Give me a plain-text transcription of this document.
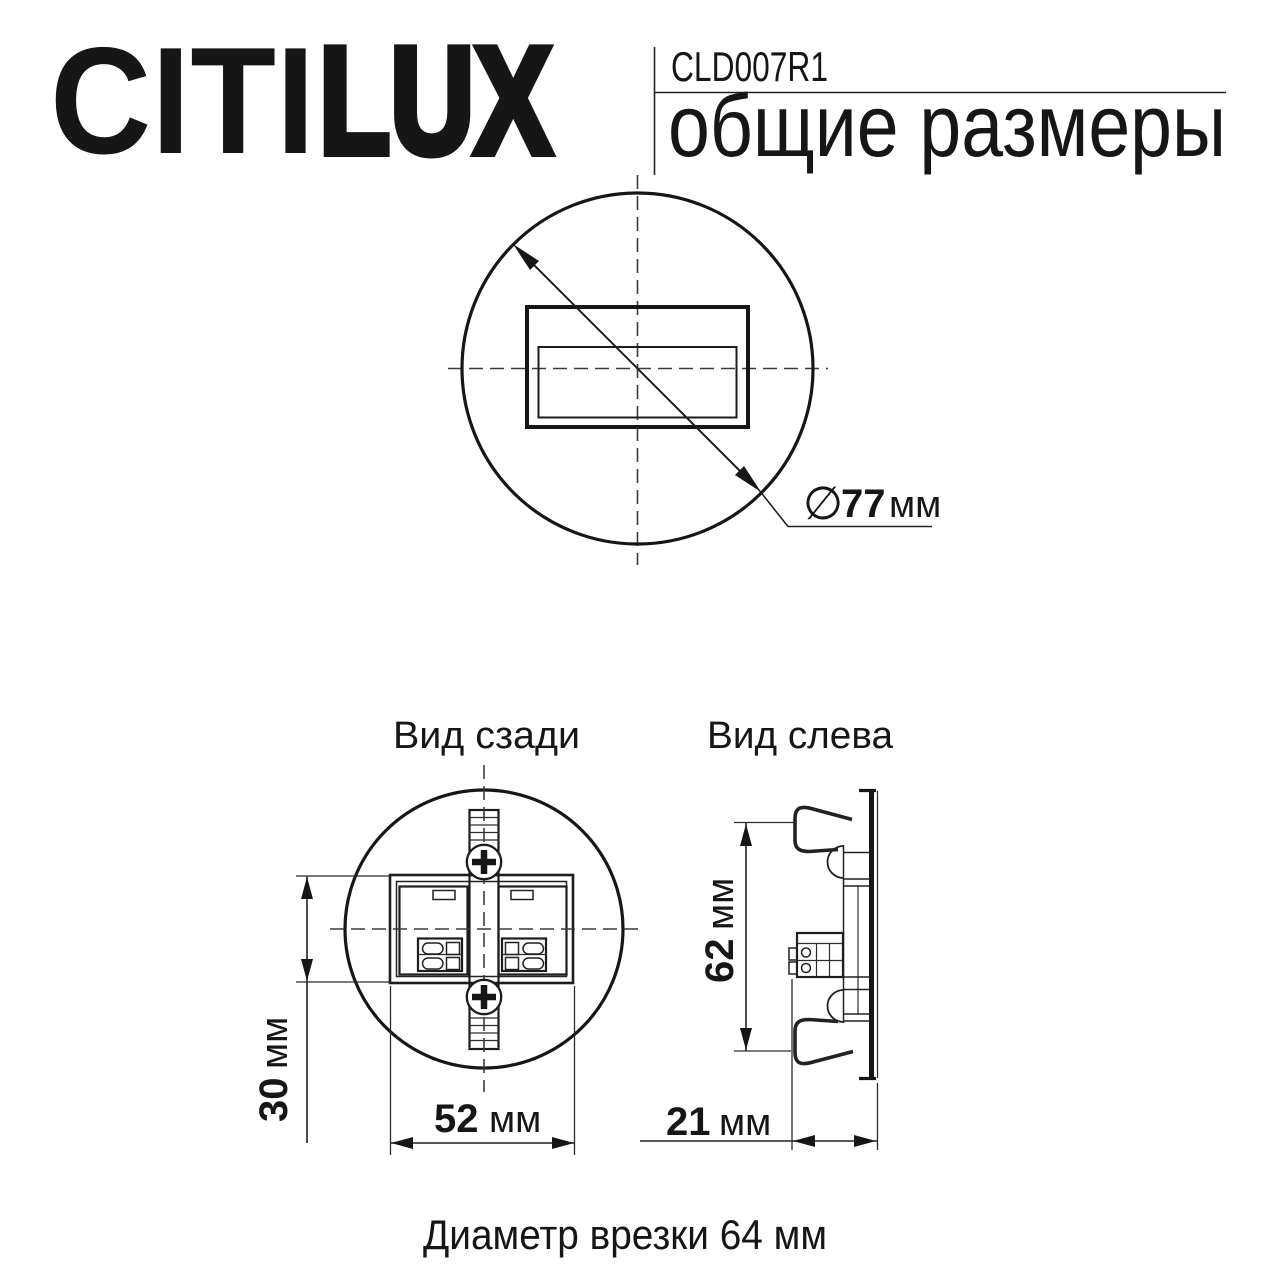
CITI LUX	CLD007R1
общие размеры
∅
77 мм
Вид сзади
30
мм
52 мм
Вид слева
62
мм
21 мм
Диаметр врезки 64 мм
